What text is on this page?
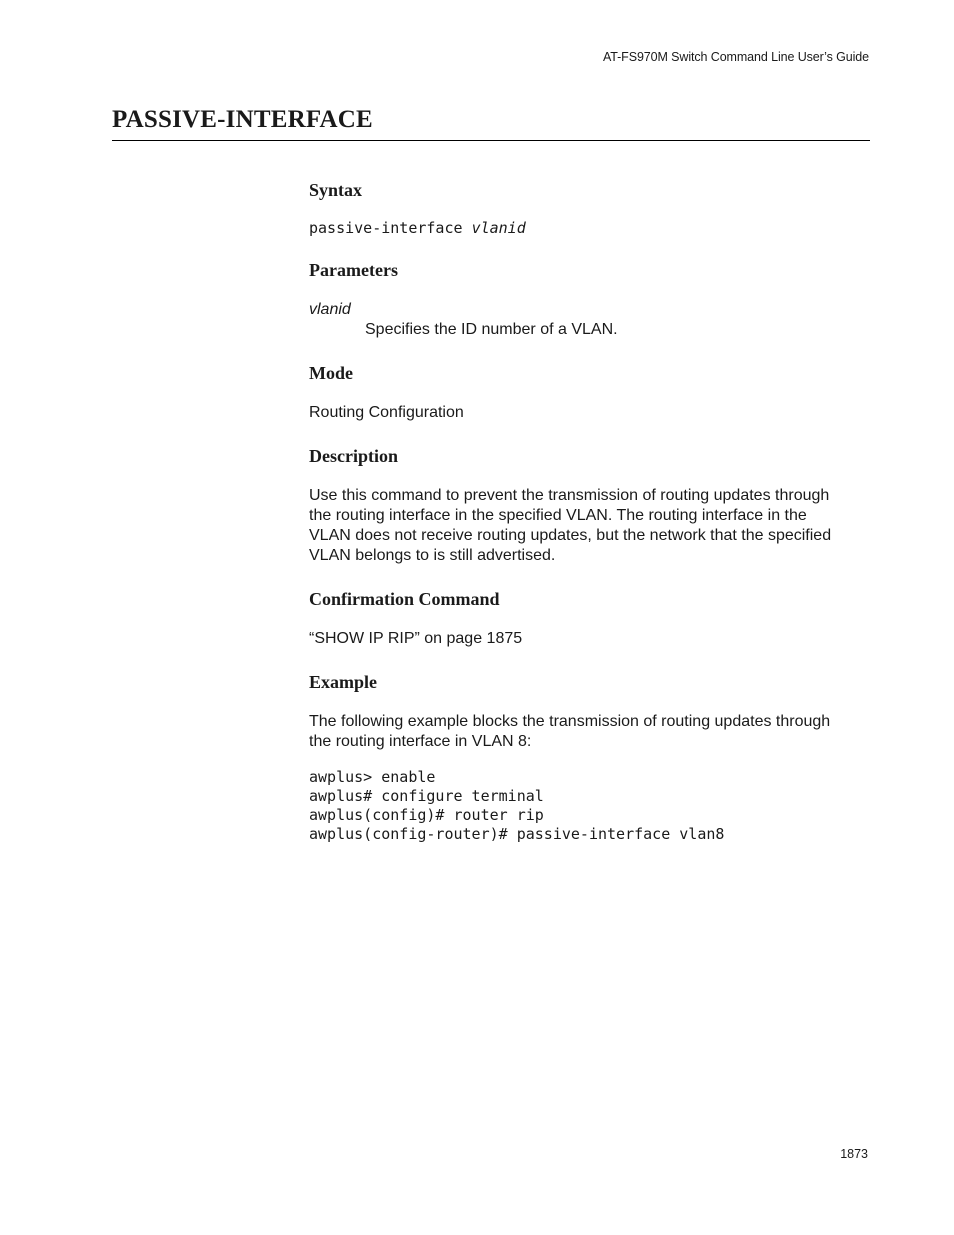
AT-FS970M Switch Command Line User’s Guide
PASSIVE-INTERFACE
Syntax

passive-interface vlanid

Parameters

vlanid

Specifies the ID number of a VLAN.

Mode

Routing Configuration

Description
Use this command to prevent the transmission of routing updates through
the routing interface in the specified VLAN. The routing interface in the
VLAN does not receive routing updates, but the network that the specified
VLAN belongs to is still advertised.
Confirmation Command

“SHOW IP RIP” on page 1875

Example
The following example blocks the transmission of routing updates through
the routing interface in VLAN 8:
awplus> enable
awplus# configure terminal
awplus(config)# router rip
awplus(config-router)# passive-interface vlan8
1873
